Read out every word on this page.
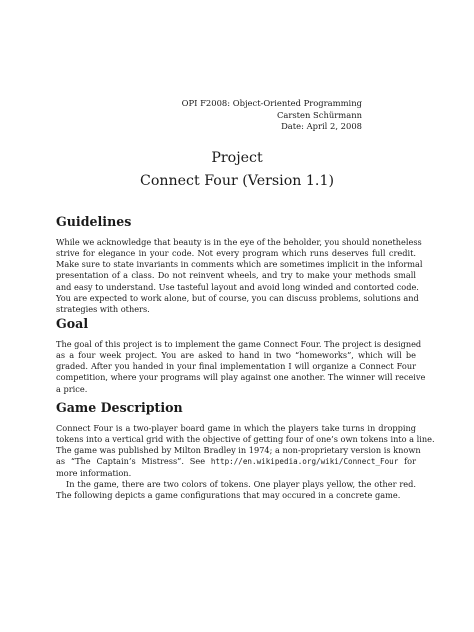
OPI F2008: Object-Oriented Programming
Carsten Schürmann
Date: April 2, 2008
Project
Connect Four (Version 1.1)
Guidelines
While we acknowledge that beauty is in the eye of the beholder, you should nonetheless
strive for elegance in your code. Not every program which runs deserves full credit.
Make sure to state invariants in comments which are sometimes implicit in the informal
presentation of a class. Do not reinvent wheels, and try to make your methods small
and easy to understand. Use tasteful layout and avoid long winded and contorted code.
You are expected to work alone, but of course, you can discuss problems, solutions and
strategies with others.
Goal
The goal of this project is to implement the game Connect Four. The project is designed
as a four week project. You are asked to hand in two “homeworks”, which will be
graded. After you handed in your final implementation I will organize a Connect Four
competition, where your programs will play against one another. The winner will receive
a price.
Game Description
Connect Four is a two-player board game in which the players take turns in dropping
tokens into a vertical grid with the objective of getting four of one’s own tokens into a line.
The game was published by Milton Bradley in 1974; a non-proprietary version is known
as “The Captain’s Mistress”. See http://en.wikipedia.org/wiki/Connect_Four for
more information.
In the game, there are two colors of tokens. One player plays yellow, the other red.
The following depicts a game configurations that may occured in a concrete game.
